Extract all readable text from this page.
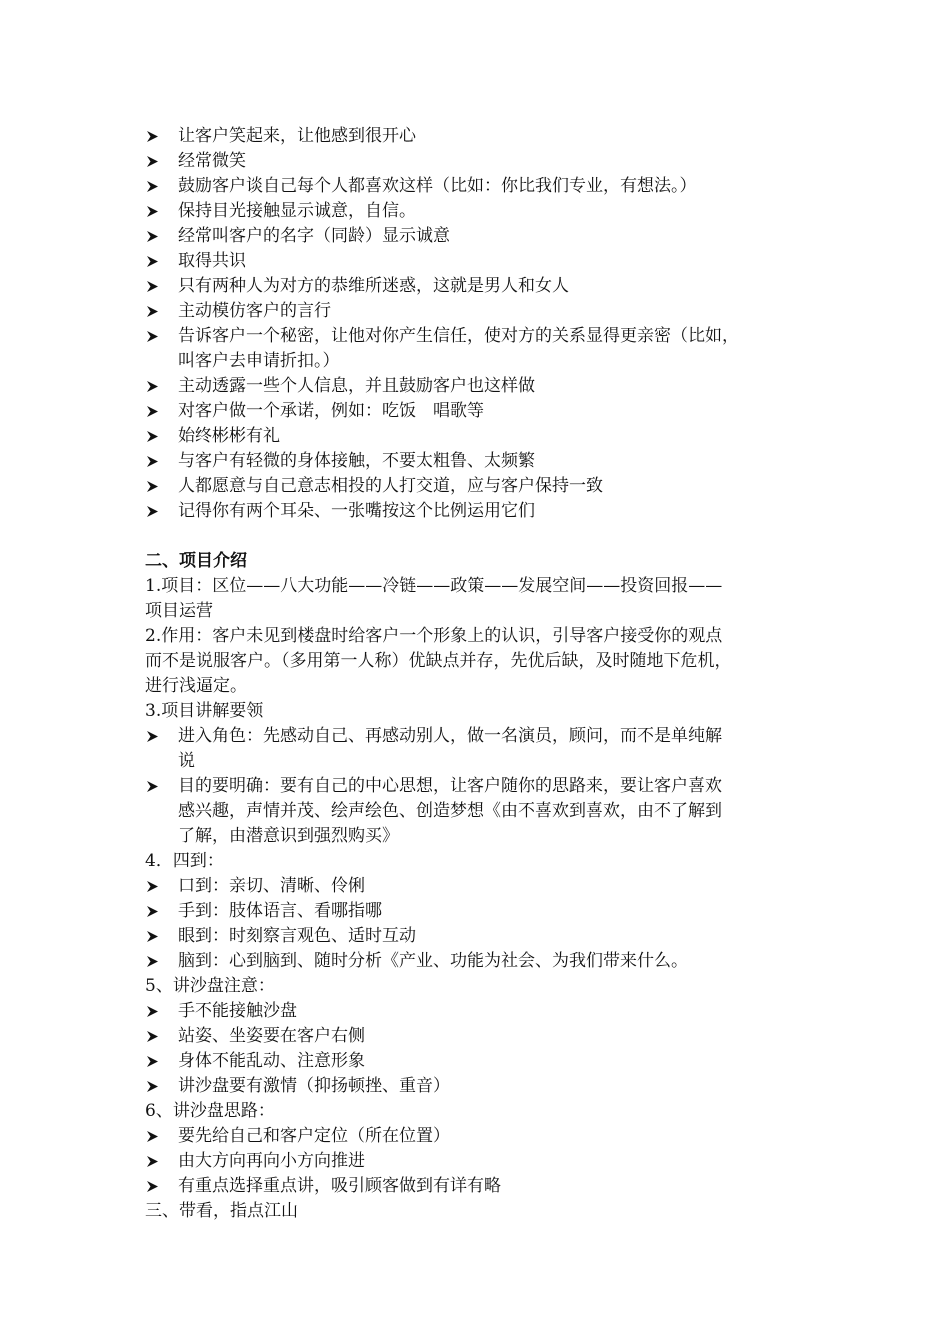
让客户笑起来，让他感到很开心
经常微笑
鼓励客户谈自己每个人都喜欢这样（比如：你比我们专业，有想法。）
保持目光接触显示诚意，自信。
经常叫客户的名字（同龄）显示诚意
取得共识
只有两种人为对方的恭维所迷惑，这就是男人和女人
主动模仿客户的言行
告诉客户一个秘密，让他对你产生信任，使对方的关系显得更亲密（比如，
叫客户去申请折扣。）
主动透露一些个人信息，并且鼓励客户也这样做
对客户做一个承诺，例如：吃饭　唱歌等
始终彬彬有礼
与客户有轻微的身体接触，不要太粗鲁、太频繁
人都愿意与自己意志相投的人打交道，应与客户保持一致
记得你有两个耳朵、一张嘴按这个比例运用它们
二、项目介绍
1.项目：区位——八大功能——冷链——政策——发展空间——投资回报——
项目运营
2.作用：客户未见到楼盘时给客户一个形象上的认识，引导客户接受你的观点
而不是说服客户。（多用第一人称）优缺点并存，先优后缺，及时随地下危机，
进行浅逼定。
3.项目讲解要领
进入角色：先感动自己、再感动别人，做一名演员，顾问，而不是单纯解
说
目的要明确：要有自己的中心思想，让客户随你的思路来，要让客户喜欢
感兴趣，声情并茂、绘声绘色、创造梦想《由不喜欢到喜欢，由不了解到
了解，由潜意识到强烈购买》
4．四到：
口到：亲切、清晰、伶俐
手到：肢体语言、看哪指哪
眼到：时刻察言观色、适时互动
脑到：心到脑到、随时分析《产业、功能为社会、为我们带来什么。
5、讲沙盘注意：
手不能接触沙盘
站姿、坐姿要在客户右侧
身体不能乱动、注意形象
讲沙盘要有激情（抑扬顿挫、重音）
6、讲沙盘思路：
要先给自己和客户定位（所在位置）
由大方向再向小方向推进
有重点选择重点讲，吸引顾客做到有详有略
三、带看，指点江山
